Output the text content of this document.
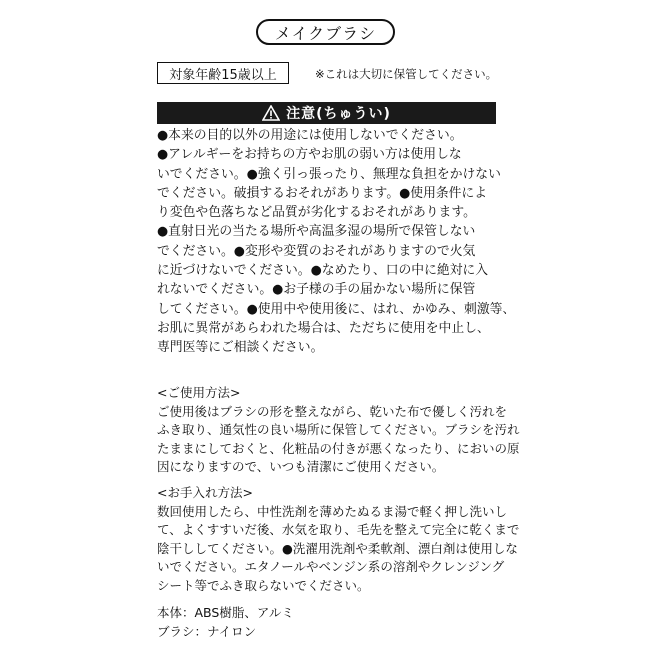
メイクブラシ
対象年齢15歳以上	※これは大切に保管してください。
注意(ちゅうい)
●本来の目的以外の用途には使用しないでください。
●アレルギーをお持ちの方やお肌の弱い方は使用しな
いでください。●強く引っ張ったり、無理な負担をかけない
でください。破損するおそれがあります。●使用条件によ
り変色や色落ちなど品質が劣化するおそれがあります。
●直射日光の当たる場所や高温多湿の場所で保管しない
でください。●変形や変質のおそれがありますので火気
に近づけないでください。●なめたり、口の中に絶対に入
れないでください。●お子様の手の届かない場所に保管
してください。●使用中や使用後に、はれ、かゆみ、刺激等、
お肌に異常があらわれた場合は、ただちに使用を中止し、
専門医等にご相談ください。
<ご使用方法>
ご使用後はブラシの形を整えながら、乾いた布で優しく汚れを
ふき取り、通気性の良い場所に保管してください。ブラシを汚れ
たままにしておくと、化粧品の付きが悪くなったり、においの原
因になりますので、いつも清潔にご使用ください。
<お手入れ方法>
数回使用したら、中性洗剤を薄めたぬるま湯で軽く押し洗いし
て、よくすすいだ後、水気を取り、毛先を整えて完全に乾くまで
陰干ししてください。●洗濯用洗剤や柔軟剤、漂白剤は使用しな
いでください。エタノールやベンジン系の溶剤やクレンジング
シート等でふき取らないでください。
本体：ABS樹脂、アルミ
ブラシ：ナイロン
